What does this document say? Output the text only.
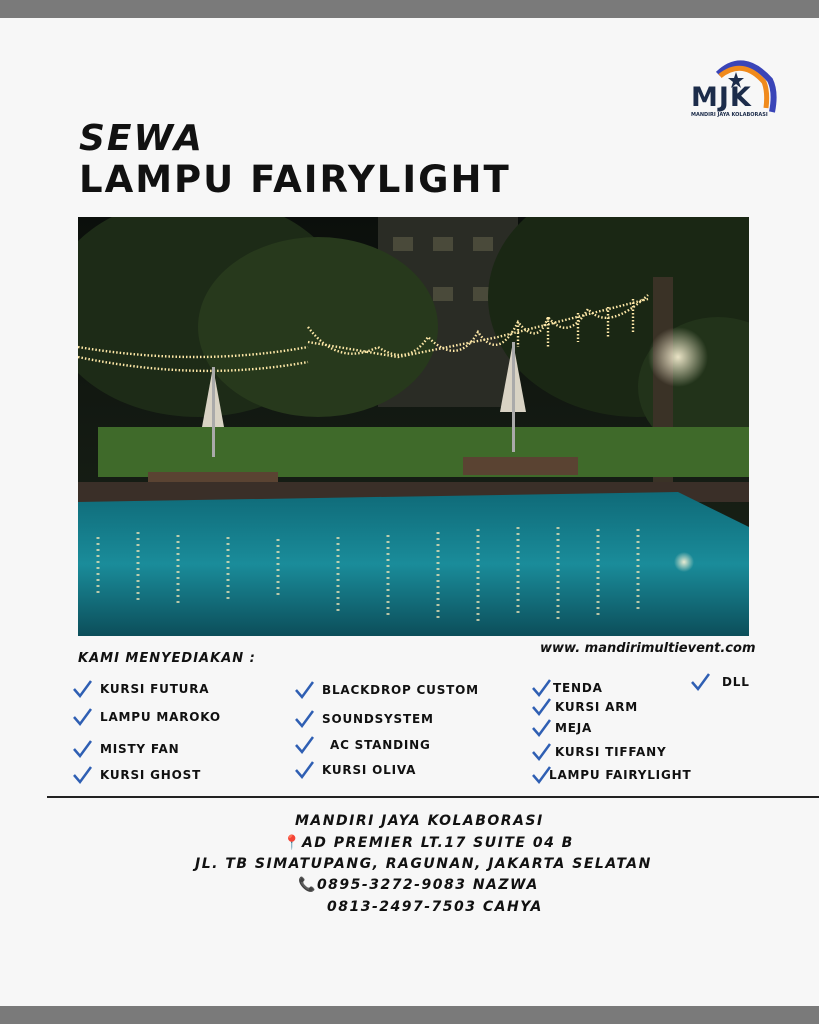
MJK
MANDIRI JAYA KOLABORASI
SEWA
LAMPU FAIRYLIGHT
www. mandirimultievent.com
KAMI MENYEDIAKAN :
KURSI FUTURA
LAMPU MAROKO
MISTY FAN
KURSI GHOST
BLACKDROP CUSTOM
SOUNDSYSTEM
AC STANDING
KURSI OLIVA
TENDA
KURSI ARM
MEJA
KURSI TIFFANY
LAMPU FAIRYLIGHT
DLL
MANDIRI JAYA KOLABORASI
📍AD PREMIER LT.17 SUITE 04 B
JL. TB SIMATUPANG, RAGUNAN, JAKARTA SELATAN
📞0895-3272-9083 NAZWA
0813-2497-7503 CAHYA
